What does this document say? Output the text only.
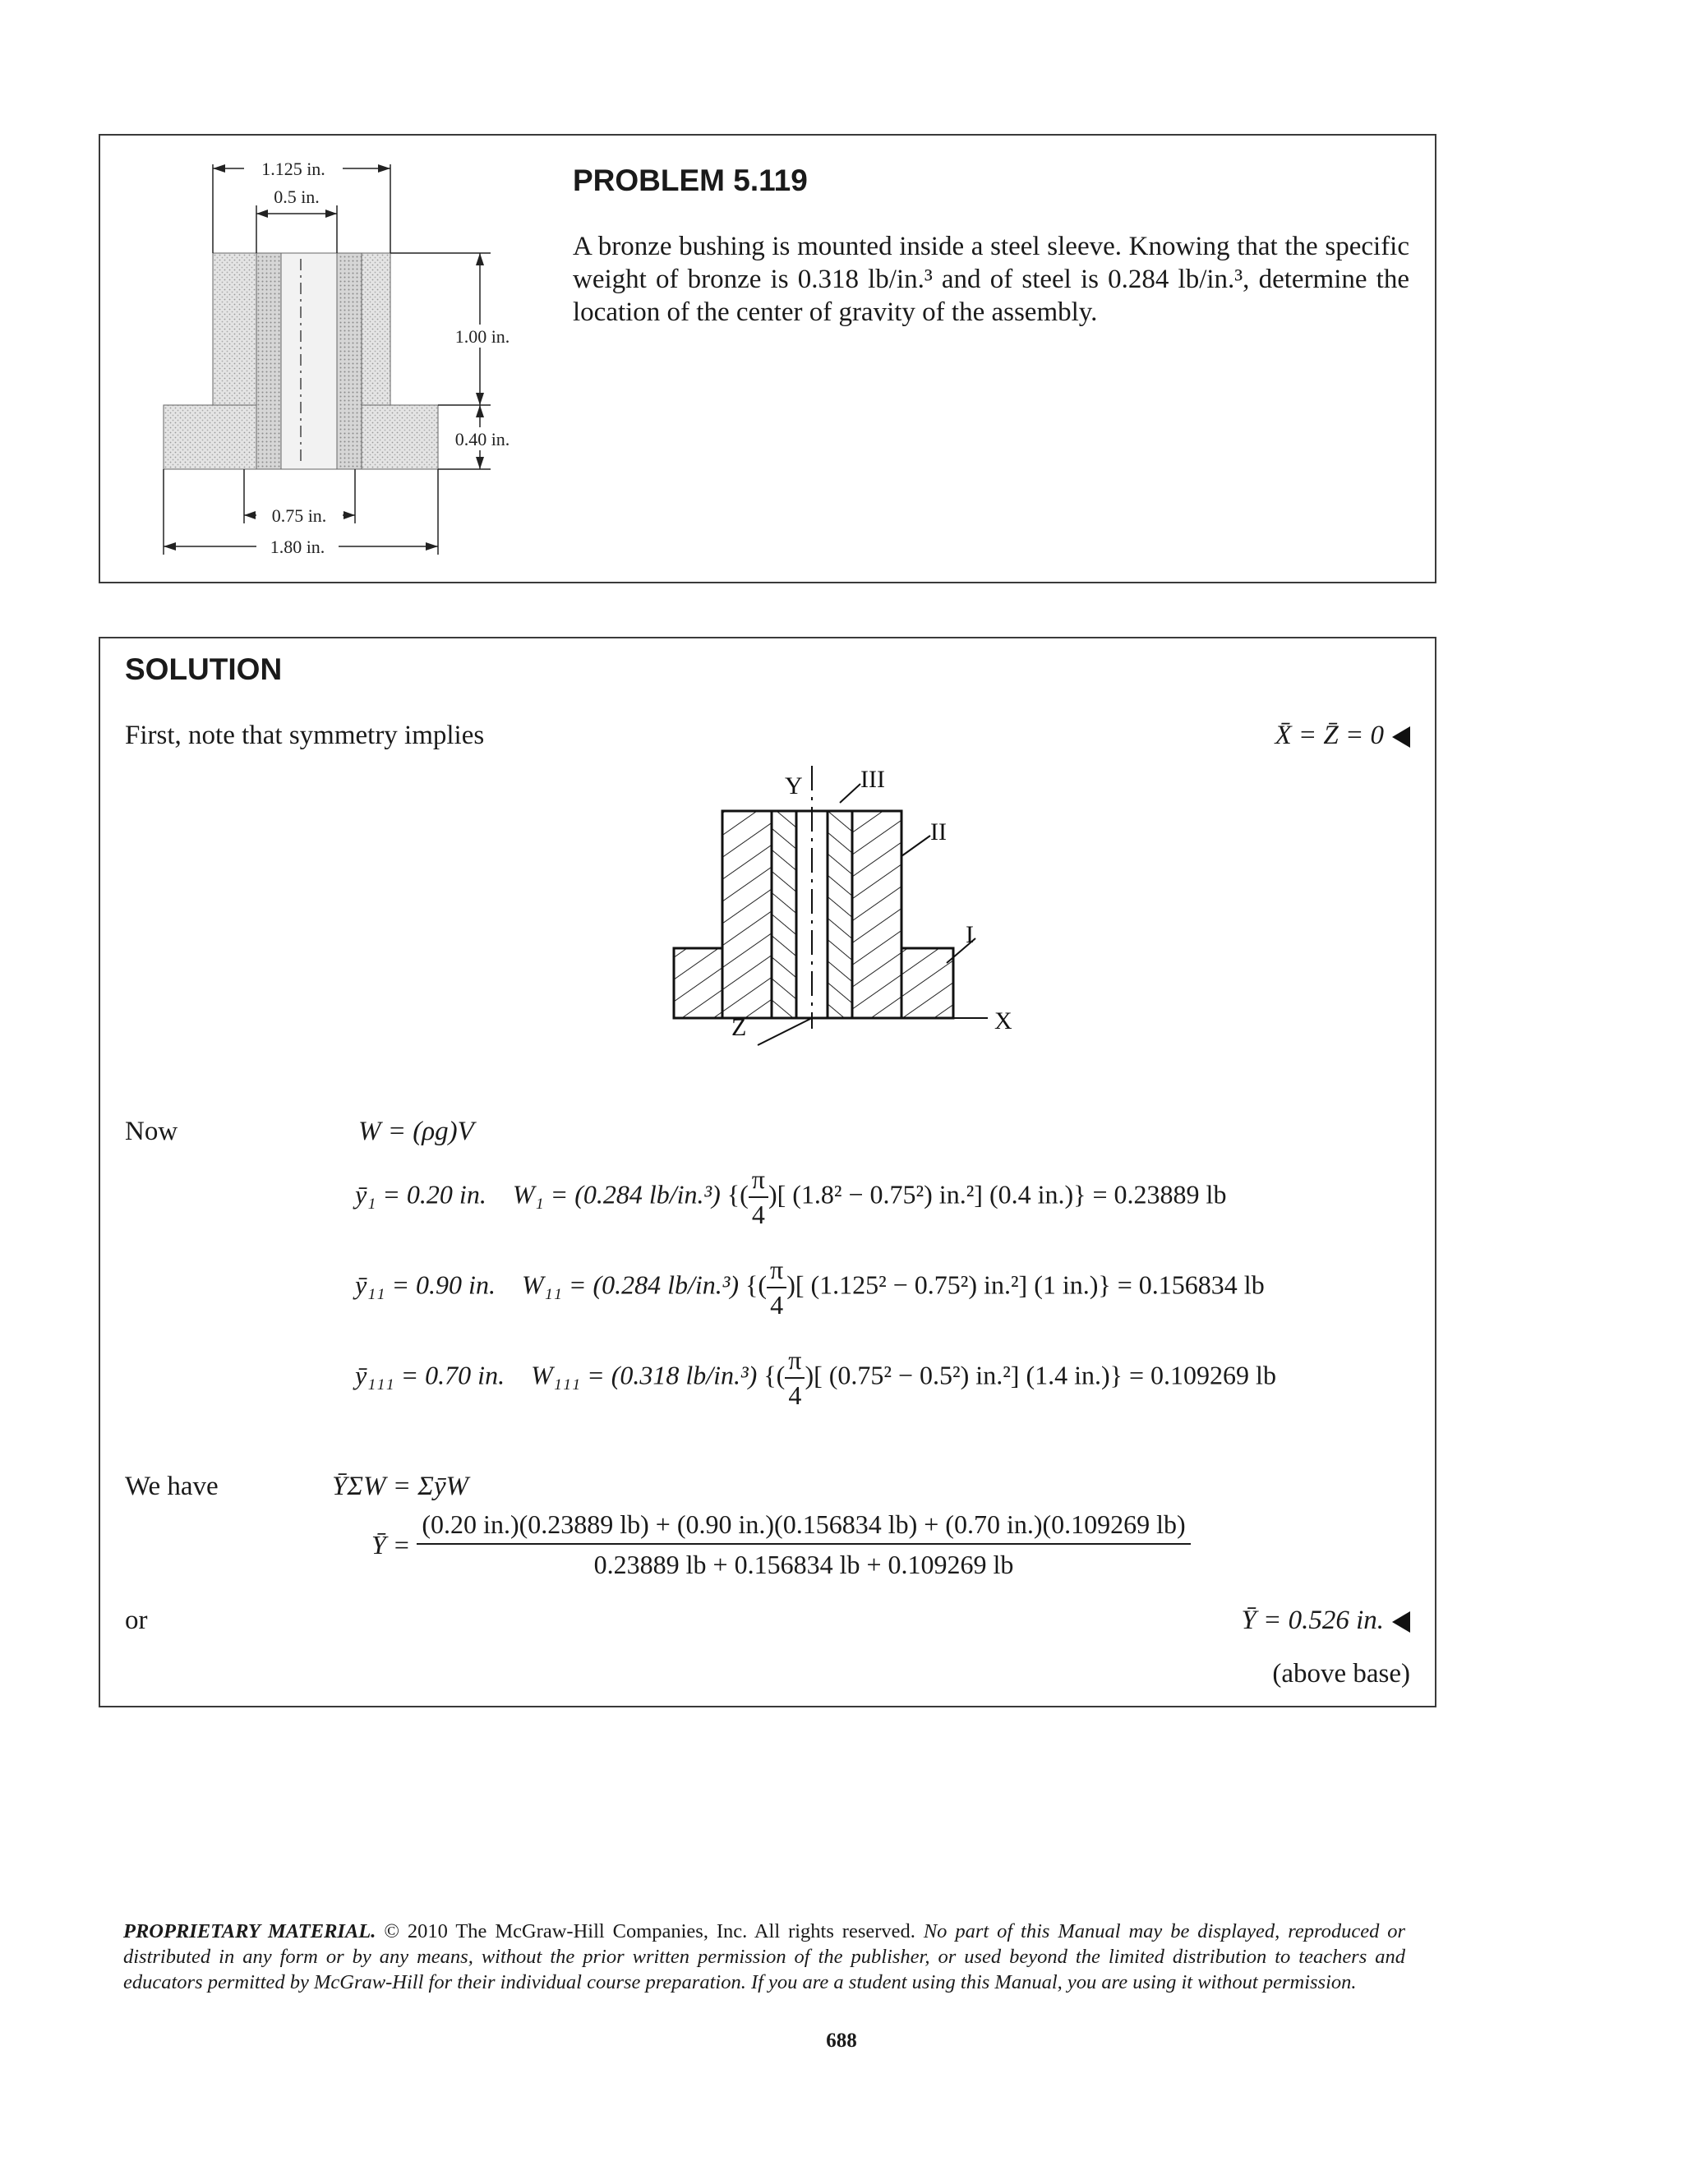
1.125 in.
0.5 in.
1.00 in.
0.40 in.
0.75 in.
1.80 in.
PROBLEM 5.119
A bronze bushing is mounted inside a steel sleeve. Knowing that the specific weight of bronze is 0.318 lb/in.³ and of steel is 0.284 lb/in.³, determine the location of the center of gravity of the assembly.
SOLUTION
First, note that symmetry implies	X̄ = Z̄ = 0
Y
X
Z
III
II
I
Now	W = (ρg)V
ȳ₁ = 0.20 in. W₁ = (0.284 lb/in.³) {( $\frac{\pi}{4}$ )[ (1.8² − 0.75²) in.²] (0.4 in.)} = 0.23889 lb
ȳ₁₁ = 0.90 in. W₁₁ = (0.284 lb/in.³) {( $\frac{\pi}{4}$ )[ (1.125² − 0.75²) in.²] (1 in.)} = 0.156834 lb
ȳ₁₁₁ = 0.70 in. W₁₁₁ = (0.318 lb/in.³) {( $\frac{\pi}{4}$ )[ (0.75² − 0.5²) in.²] (1.4 in.)} = 0.109269 lb
We have	ȲΣW = ΣȳW
Ȳ =
(0.20 in.)(0.23889 lb) + (0.90 in.)(0.156834 lb) + (0.70 in.)(0.109269 lb)
0.23889 lb + 0.156834 lb + 0.109269 lb
or	Ȳ = 0.526 in.
(above base)
PROPRIETARY MATERIAL. © 2010 The McGraw-Hill Companies, Inc. All rights reserved. No part of this Manual may be displayed, reproduced or distributed in any form or by any means, without the prior written permission of the publisher, or used beyond the limited distribution to teachers and educators permitted by McGraw-Hill for their individual course preparation. If you are a student using this Manual, you are using it without permission.
688
